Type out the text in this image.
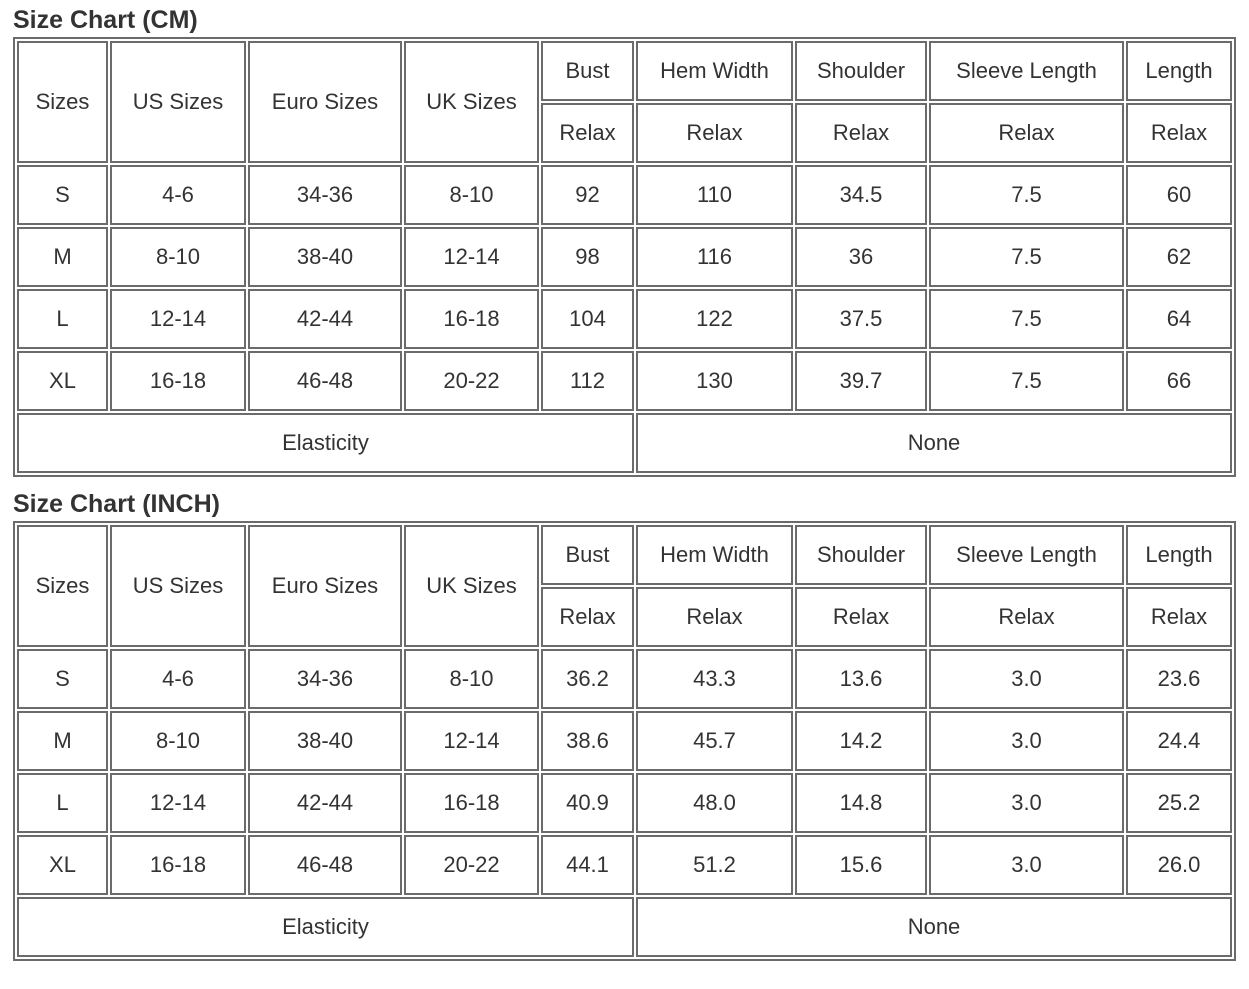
Size Chart (CM)
Sizes	US Sizes	Euro Sizes	UK Sizes	Bust	Hem Width	Shoulder	Sleeve Length	Length
				Relax	Relax	Relax	Relax	Relax
S	4-6	34-36	8-10	92	110	34.5	7.5	60
M	8-10	38-40	12-14	98	116	36	7.5	62
L	12-14	42-44	16-18	104	122	37.5	7.5	64
XL	16-18	46-48	20-22	112	130	39.7	7.5	66
Elasticity					None			
Size Chart (INCH)
Sizes	US Sizes	Euro Sizes	UK Sizes	Bust	Hem Width	Shoulder	Sleeve Length	Length
				Relax	Relax	Relax	Relax	Relax
S	4-6	34-36	8-10	36.2	43.3	13.6	3.0	23.6
M	8-10	38-40	12-14	38.6	45.7	14.2	3.0	24.4
L	12-14	42-44	16-18	40.9	48.0	14.8	3.0	25.2
XL	16-18	46-48	20-22	44.1	51.2	15.6	3.0	26.0
Elasticity					None			
